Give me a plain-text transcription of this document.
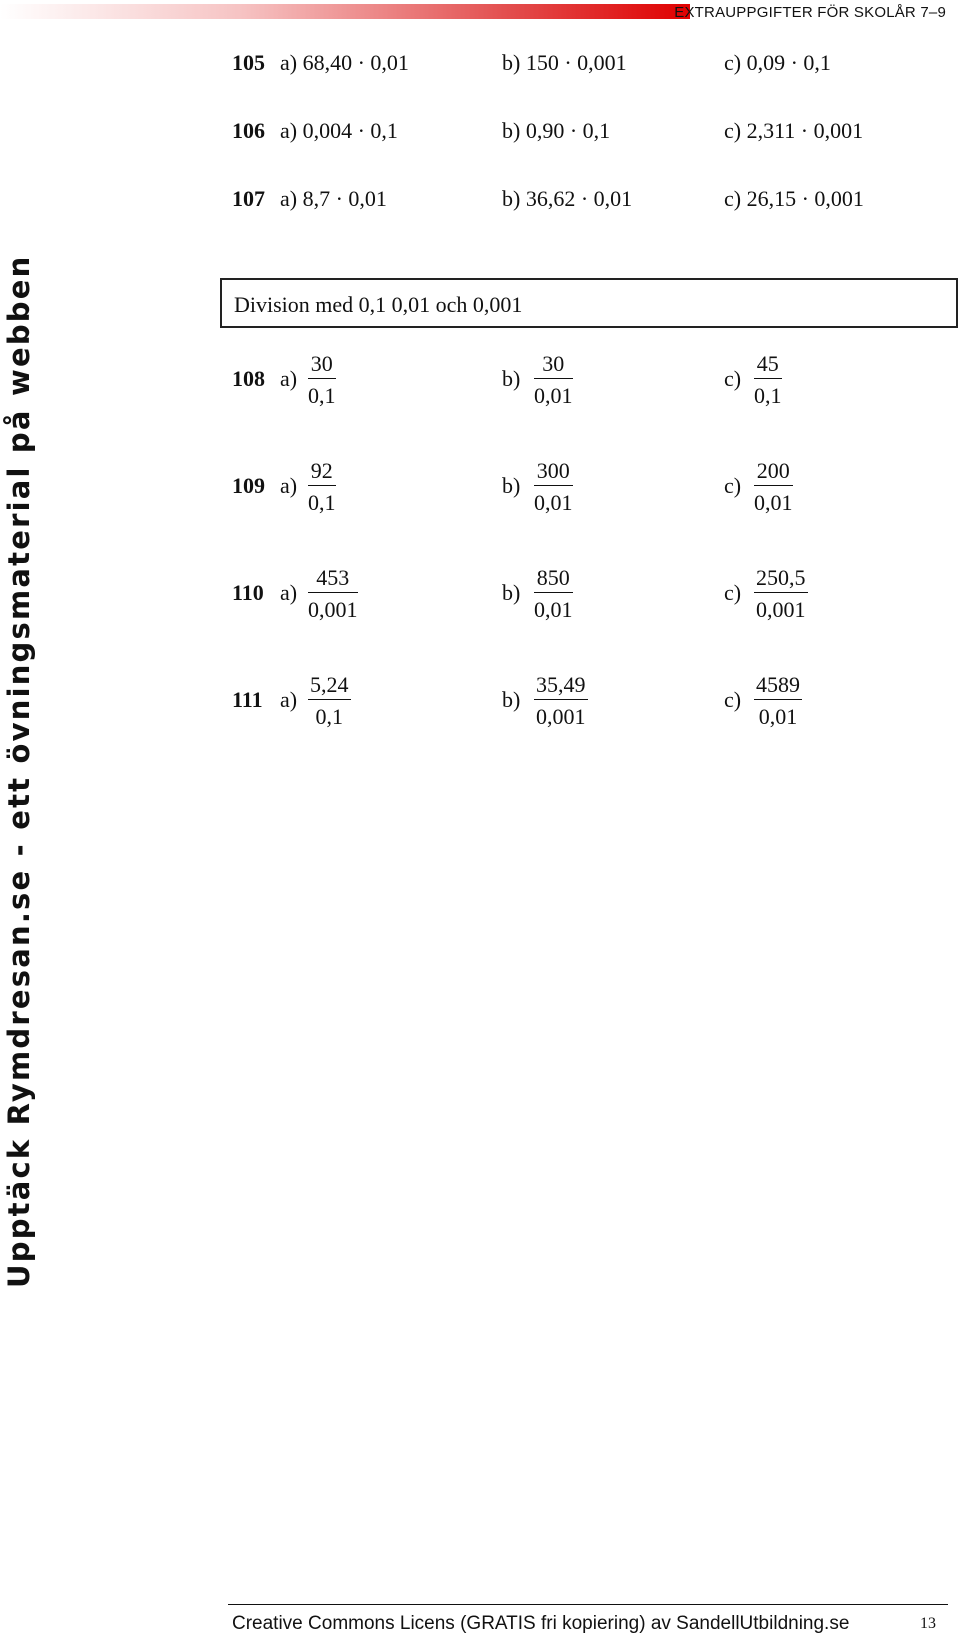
EXTRAUPPGIFTER FÖR SKOLÅR 7–9
Upptäck Rymdresan.se - ett övningsmaterial på webben
105 a) 68,40 · 0,01	b) 150 · 0,001	c) 0,09 · 0,1
106 a) 0,004 · 0,1	b) 0,90 · 0,1	c) 2,311 · 0,001
107 a) 8,7 · 0,01	b) 36,62 · 0,01	c) 26,15 · 0,001
Division med 0,1 0,01 och 0,001
108 $a) \frac{30}{0,1}$	$b) \frac{30}{0,01}$	$c) \frac{45}{0,1}$
109 $a) \frac{92}{0,1}$	$b) \frac{300}{0,01}$	$c) \frac{200}{0,01}$
110 $a) \frac{453}{0,001}$	$b) \frac{850}{0,01}$	$c) \frac{250,5}{0,001}$
111 $a) \frac{5,24}{0,1}$	$b) \frac{35,49}{0,001}$	$c) \frac{4589}{0,01}$
Creative Commons Licens (GRATIS fri kopiering) av SandellUtbildning.se	13
